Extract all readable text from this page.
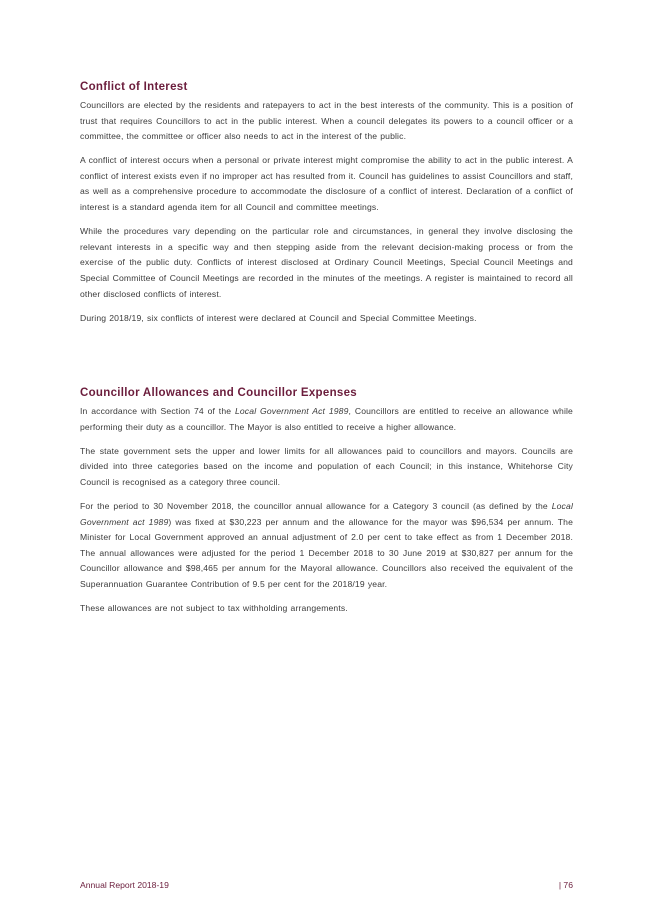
Conflict of Interest

Councillors are elected by the residents and ratepayers to act in the best interests of the community. This is a position of trust that requires Councillors to act in the public interest. When a council delegates its powers to a council officer or a committee, the committee or officer also needs to act in the interest of the public.

A conflict of interest occurs when a personal or private interest might compromise the ability to act in the public interest. A conflict of interest exists even if no improper act has resulted from it. Council has guidelines to assist Councillors and staff, as well as a comprehensive procedure to accommodate the disclosure of a conflict of interest. Declaration of a conflict of interest is a standard agenda item for all Council and committee meetings.

While the procedures vary depending on the particular role and circumstances, in general they involve disclosing the relevant interests in a specific way and then stepping aside from the relevant decision-making process or from the exercise of the public duty. Conflicts of interest disclosed at Ordinary Council Meetings, Special Council Meetings and Special Committee of Council Meetings are recorded in the minutes of the meetings. A register is maintained to record all other disclosed conflicts of interest.

During 2018/19, six conflicts of interest were declared at Council and Special Committee Meetings.

Councillor Allowances and Councillor Expenses

In accordance with Section 74 of the Local Government Act 1989, Councillors are entitled to receive an allowance while performing their duty as a councillor. The Mayor is also entitled to receive a higher allowance.

The state government sets the upper and lower limits for all allowances paid to councillors and mayors. Councils are divided into three categories based on the income and population of each Council; in this instance, Whitehorse City Council is recognised as a category three council.

For the period to 30 November 2018, the councillor annual allowance for a Category 3 council (as defined by the Local Government act 1989) was fixed at $30,223 per annum and the allowance for the mayor was $96,534 per annum. The Minister for Local Government approved an annual adjustment of 2.0 per cent to take effect as from 1 December 2018. The annual allowances were adjusted for the period 1 December 2018 to 30 June 2019 at $30,827 per annum for the Councillor allowance and $98,465 per annum for the Mayoral allowance. Councillors also received the equivalent of the Superannuation Guarantee Contribution of 9.5 per cent for the 2018/19 year.

These allowances are not subject to tax withholding arrangements.

Annual Report 2018-19	| 76
